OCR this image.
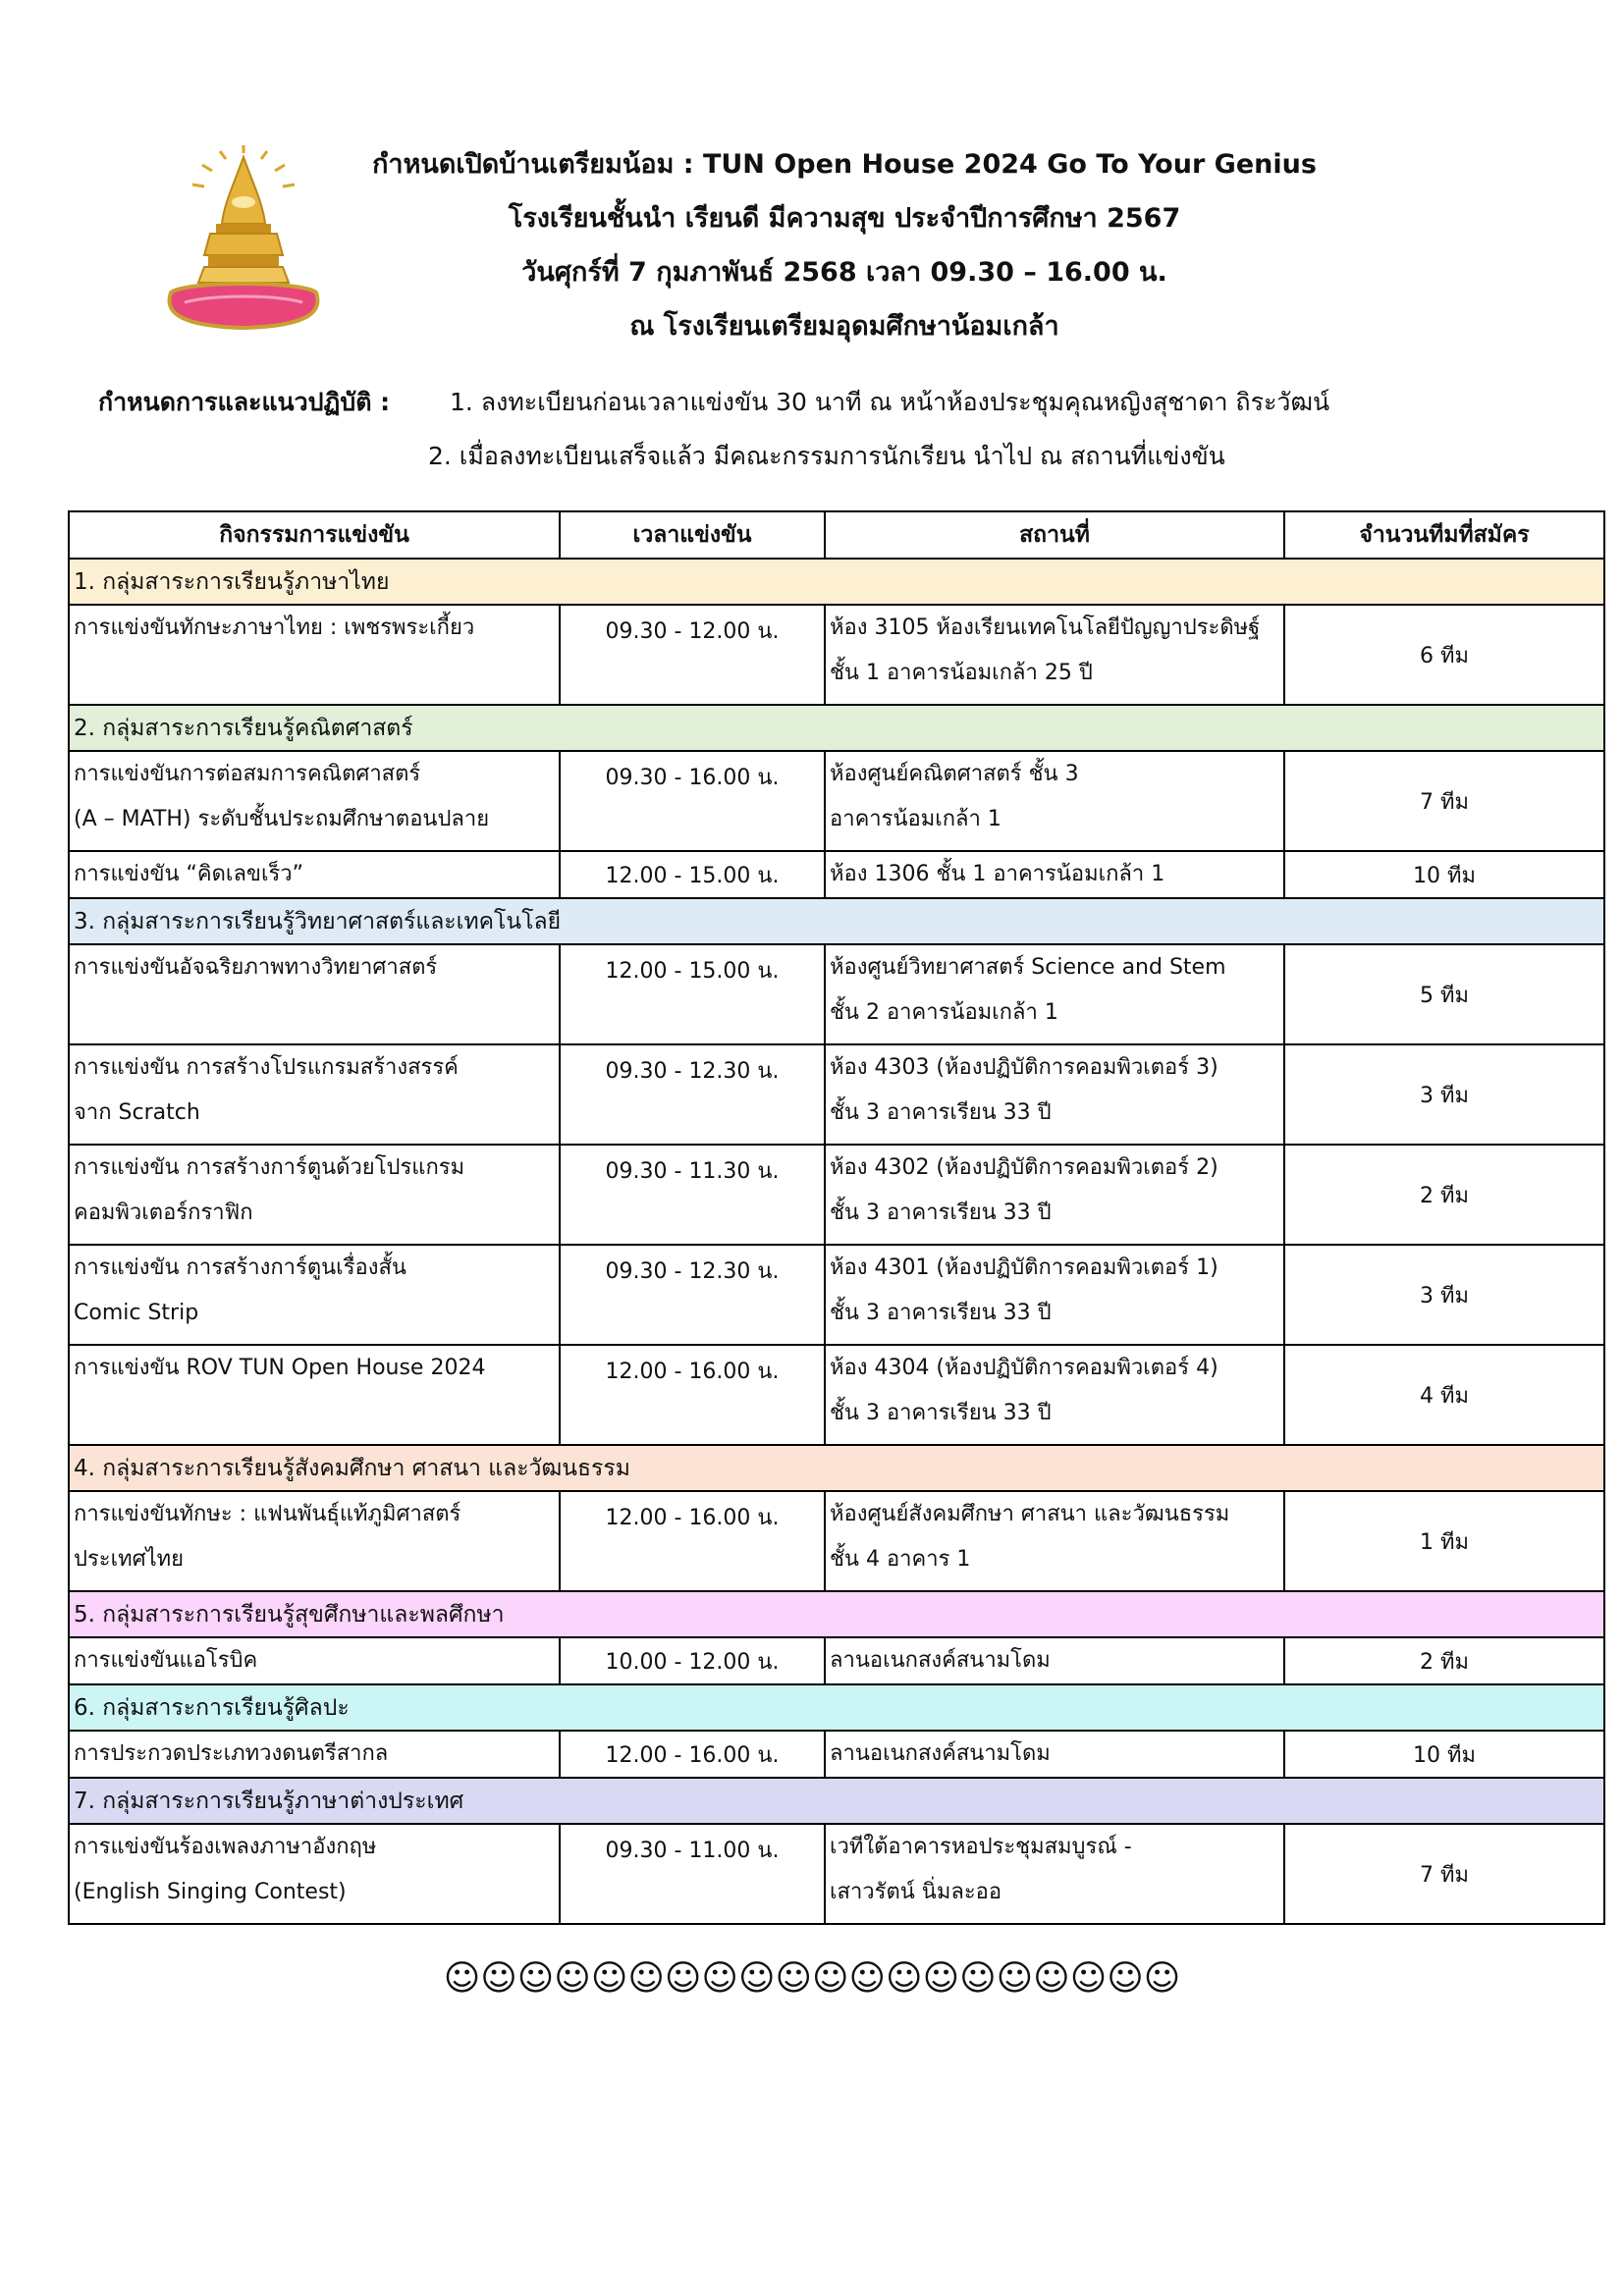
กำหนดเปิดบ้านเตรียมน้อม : TUN Open House 2024 Go To Your Genius
โรงเรียนชั้นนำ เรียนดี มีความสุข ประจำปีการศึกษา 2567
วันศุกร์ที่ 7 กุมภาพันธ์ 2568 เวลา 09.30 – 16.00 น.
ณ โรงเรียนเตรียมอุดมศึกษาน้อมเกล้า
กำหนดการและแนวปฏิบัติ : 1. ลงทะเบียนก่อนเวลาแข่งขัน 30 นาที ณ หน้าห้องประชุมคุณหญิงสุชาดา ถิระวัฒน์
2. เมื่อลงทะเบียนเสร็จแล้ว มีคณะกรรมการนักเรียน นำไป ณ สถานที่แข่งขัน
กิจกรรมการแข่งขัน	เวลาแข่งขัน	สถานที่	จำนวนทีมที่สมัคร
1. กลุ่มสาระการเรียนรู้ภาษาไทย			

การแข่งขันทักษะภาษาไทย : เพชรพระเกี้ยว	09.30 - 12.00 น.	ห้อง 3105 ห้องเรียนเทคโนโลยีปัญญาประดิษฐ์
ชั้น 1 อาคารน้อมเกล้า 25 ปี	6 ทีม
2. กลุ่มสาระการเรียนรู้คณิตศาสตร์			

การแข่งขันการต่อสมการคณิตศาสตร์
(A – MATH) ระดับชั้นประถมศึกษาตอนปลาย	09.30 - 16.00 น.	ห้องศูนย์คณิตศาสตร์ ชั้น 3
อาคารน้อมเกล้า 1	7 ทีม

การแข่งขัน “คิดเลขเร็ว”	12.00 - 15.00 น.	ห้อง 1306 ชั้น 1 อาคารน้อมเกล้า 1	10 ทีม
3. กลุ่มสาระการเรียนรู้วิทยาศาสตร์และเทคโนโลยี			

การแข่งขันอัจฉริยภาพทางวิทยาศาสตร์	12.00 - 15.00 น.	ห้องศูนย์วิทยาศาสตร์ Science and Stem
ชั้น 2 อาคารน้อมเกล้า 1	5 ทีม

การแข่งขัน การสร้างโปรแกรมสร้างสรรค์
จาก Scratch	09.30 - 12.30 น.	ห้อง 4303 (ห้องปฏิบัติการคอมพิวเตอร์ 3)
ชั้น 3 อาคารเรียน 33 ปี	3 ทีม

การแข่งขัน การสร้างการ์ตูนด้วยโปรแกรม
คอมพิวเตอร์กราฟิก	09.30 - 11.30 น.	ห้อง 4302 (ห้องปฏิบัติการคอมพิวเตอร์ 2)
ชั้น 3 อาคารเรียน 33 ปี	2 ทีม

การแข่งขัน การสร้างการ์ตูนเรื่องสั้น
Comic Strip	09.30 - 12.30 น.	ห้อง 4301 (ห้องปฏิบัติการคอมพิวเตอร์ 1)
ชั้น 3 อาคารเรียน 33 ปี	3 ทีม

การแข่งขัน ROV TUN Open House 2024	12.00 - 16.00 น.	ห้อง 4304 (ห้องปฏิบัติการคอมพิวเตอร์ 4)
ชั้น 3 อาคารเรียน 33 ปี	4 ทีม
4. กลุ่มสาระการเรียนรู้สังคมศึกษา ศาสนา และวัฒนธรรม			

การแข่งขันทักษะ : แฟนพันธุ์แท้ภูมิศาสตร์
ประเทศไทย	12.00 - 16.00 น.	ห้องศูนย์สังคมศึกษา ศาสนา และวัฒนธรรม
ชั้น 4 อาคาร 1	1 ทีม
5. กลุ่มสาระการเรียนรู้สุขศึกษาและพลศึกษา			

การแข่งขันแอโรบิค	10.00 - 12.00 น.	ลานอเนกสงค์สนามโดม	2 ทีม
6. กลุ่มสาระการเรียนรู้ศิลปะ			

การประกวดประเภทวงดนตรีสากล	12.00 - 16.00 น.	ลานอเนกสงค์สนามโดม	10 ทีม
7. กลุ่มสาระการเรียนรู้ภาษาต่างประเทศ			

การแข่งขันร้องเพลงภาษาอังกฤษ
(English Singing Contest)	09.30 - 11.00 น.	เวทีใต้อาคารหอประชุมสมบูรณ์ -
เสาวรัตน์ นิ่มละออ	7 ทีม
☺☺☺☺☺☺☺☺☺☺☺☺☺☺☺☺☺☺☺☺
